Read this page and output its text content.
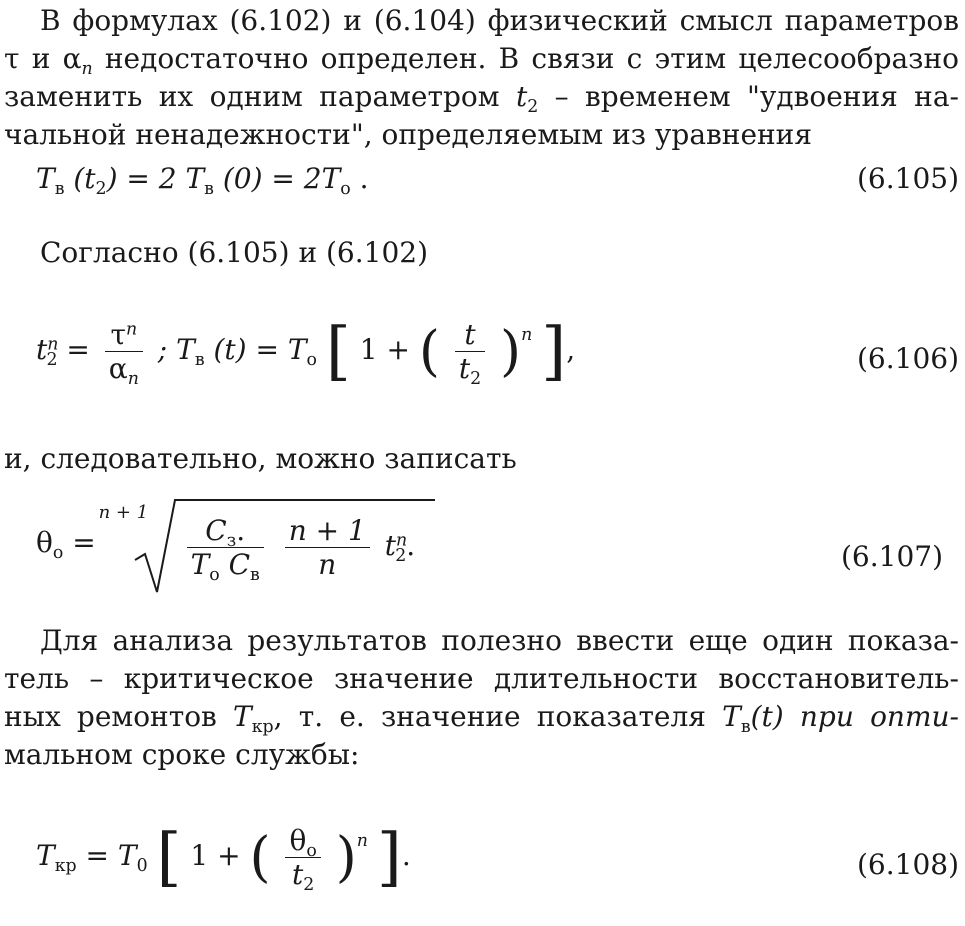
В формулах (6.102) и (6.104) физический смысл параметров
τ и $\alpha_n$ недостаточно определен. В связи с этим целесообразно
заменить их одним параметром $t_2$ – временем "удвоения на-
чальной ненадежности", определяемым из уравнения
$T_в$ $(t_2) = 2$ $T_в$ $(0) = 2T_о$ .	(6.105)
Согласно (6.105) и (6.102)
$t^n_2 = \frac{\tau^n}{\alpha_n}$ ; $T_в$ $(t) = T_о$ [ 1 + ( $\frac{t}{t_2} )^n$ ],	(6.106)
и, следовательно, можно записать
$\theta_о$ =
n + 1
$\frac{C_з.}{T_о C_в}$
$\frac{n + 1}{n} t^n_2$.	(6.107)
Для анализа результатов полезно ввести еще один показа-
тель – критическое значение длительности восстановитель-
ных ремонтов $T_{кр}$, т. е. значение показателя $T_в(t)$ при опти-
мальном сроке службы:
$T_{кр} = T_0$ [ 1 + ( $\frac{\theta_о}{t_2} )^n$ ].	(6.108)
